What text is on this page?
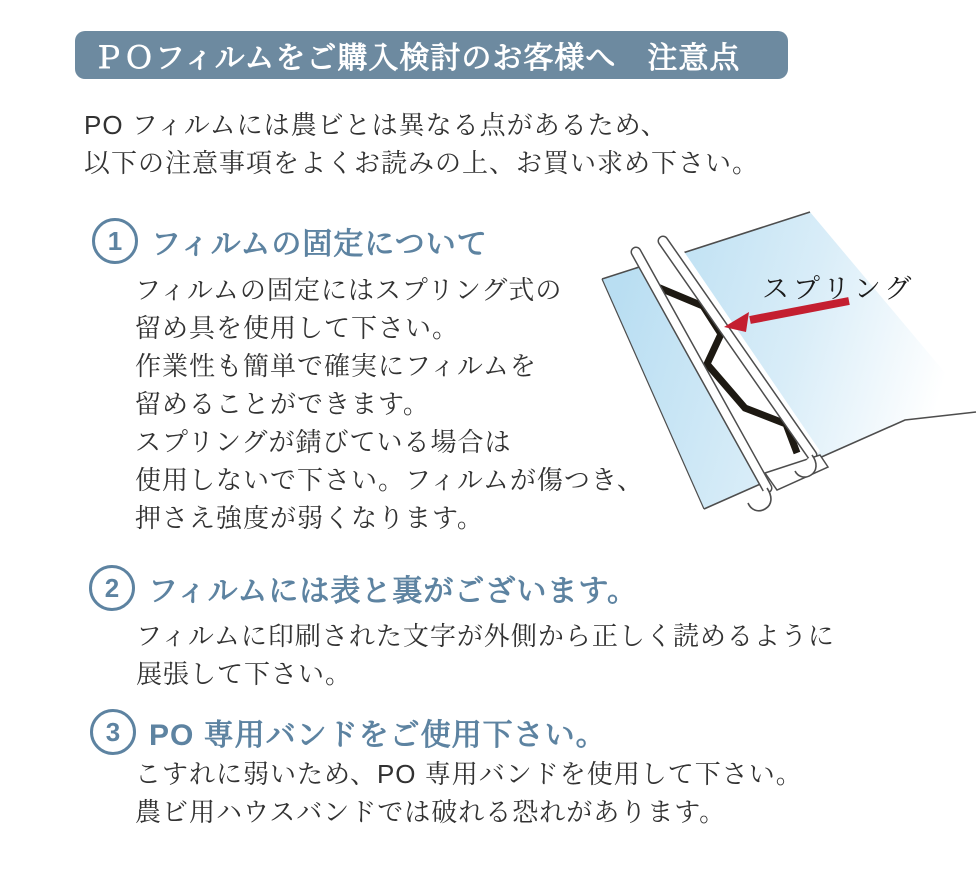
ＰＯフィルムをご購入検討のお客様へ　注意点
PO フィルムには農ビとは異なる点があるため、
以下の注意事項をよくお読みの上、お買い求め下さい。
1 フィルムの固定について
フィルムの固定にはスプリング式の
留め具を使用して下さい。
作業性も簡単で確実にフィルムを
留めることができます。
スプリングが錆びている場合は
使用しないで下さい。フィルムが傷つき、
押さえ強度が弱くなります。
スプリング
2 フィルムには表と裏がございます。
フィルムに印刷された文字が外側から正しく読めるように
展張して下さい。
3 PO 専用バンドをご使用下さい。
こすれに弱いため、PO 専用バンドを使用して下さい。
農ビ用ハウスバンドでは破れる恐れがあります。
